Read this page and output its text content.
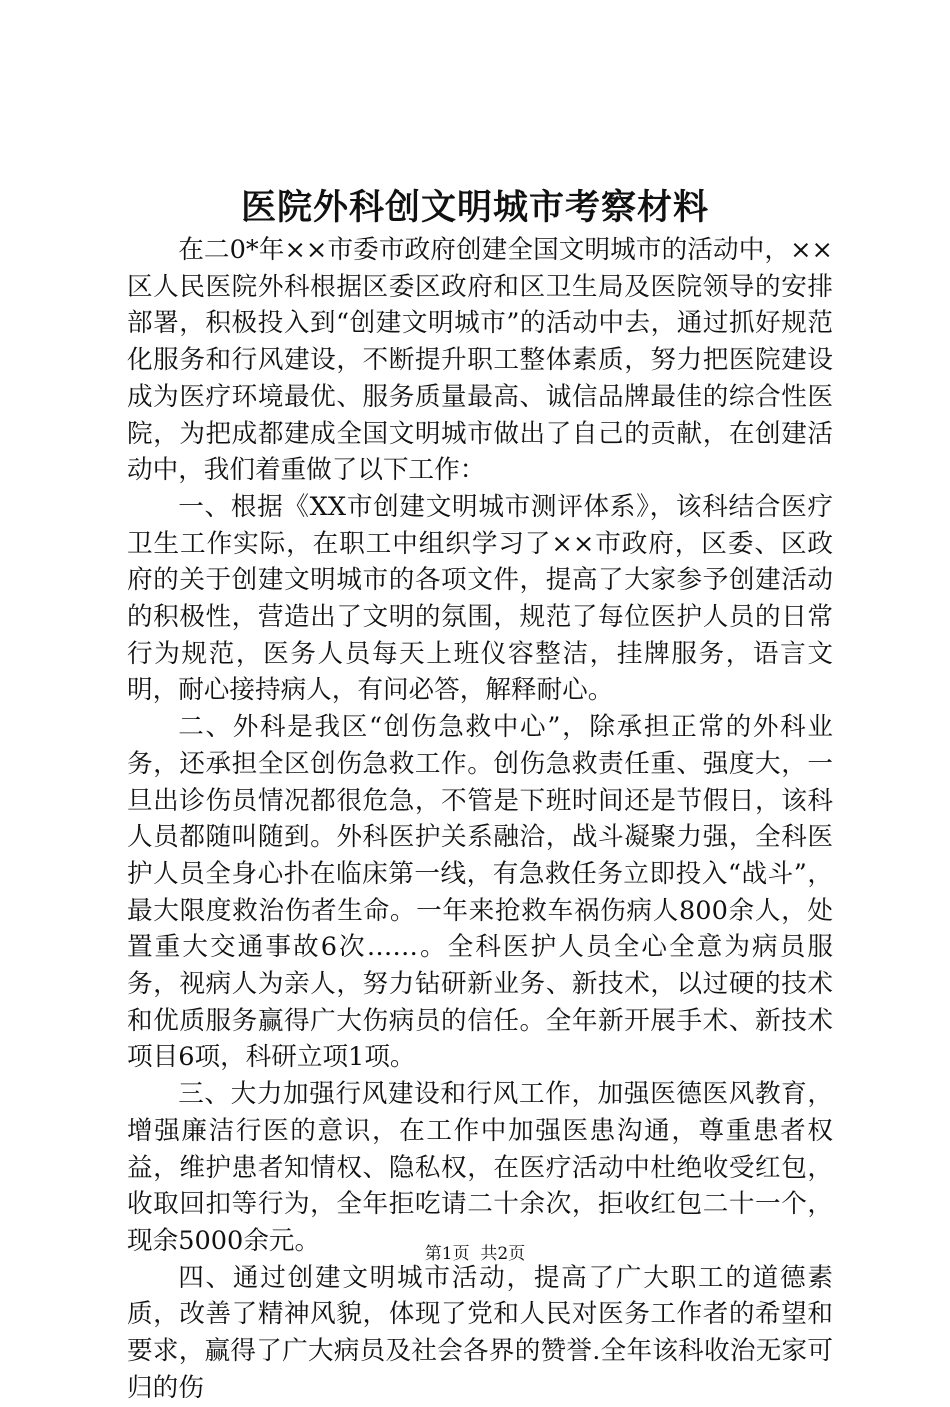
医院外科创文明城市考察材料

在二0*年××市委市政府创建全国文明城市的活动中，××区人民医院外科根据区委区政府和区卫生局及医院领导的安排部署，积极投入到“创建文明城市”的活动中去，通过抓好规范化服务和行风建设，不断提升职工整体素质，努力把医院建设成为医疗环境最优、服务质量最高、诚信品牌最佳的综合性医院，为把成都建成全国文明城市做出了自己的贡献，在创建活动中，我们着重做了以下工作：

一、根据《XX市创建文明城市测评体系》，该科结合医疗卫生工作实际，在职工中组织学习了××市政府，区委、区政府的关于创建文明城市的各项文件，提高了大家参予创建活动的积极性，营造出了文明的氛围，规范了每位医护人员的日常行为规范，医务人员每天上班仪容整洁，挂牌服务，语言文明，耐心接持病人，有问必答，解释耐心。

二、外科是我区“创伤急救中心”，除承担正常的外科业务，还承担全区创伤急救工作。创伤急救责任重、强度大，一旦出诊伤员情况都很危急，不管是下班时间还是节假日，该科人员都随叫随到。外科医护关系融洽，战斗凝聚力强，全科医护人员全身心扑在临床第一线，有急救任务立即投入“战斗”，最大限度救治伤者生命。一年来抢救车祸伤病人800余人，处置重大交通事故6次……。全科医护人员全心全意为病员服务，视病人为亲人，努力钻研新业务、新技术，以过硬的技术和优质服务赢得广大伤病员的信任。全年新开展手术、新技术项目6项，科研立项1项。

三、大力加强行风建设和行风工作，加强医德医风教育，增强廉洁行医的意识，在工作中加强医患沟通，尊重患者权益，维护患者知情权、隐私权，在医疗活动中杜绝收受红包，收取回扣等行为，全年拒吃请二十余次，拒收红包二十一个，现余5000余元。

四、通过创建文明城市活动，提高了广大职工的道德素质，改善了精神风貌，体现了党和人民对医务工作者的希望和要求，赢得了广大病员及社会各界的赞誉.全年该科收治无家可归的伤

第1页 共2页
